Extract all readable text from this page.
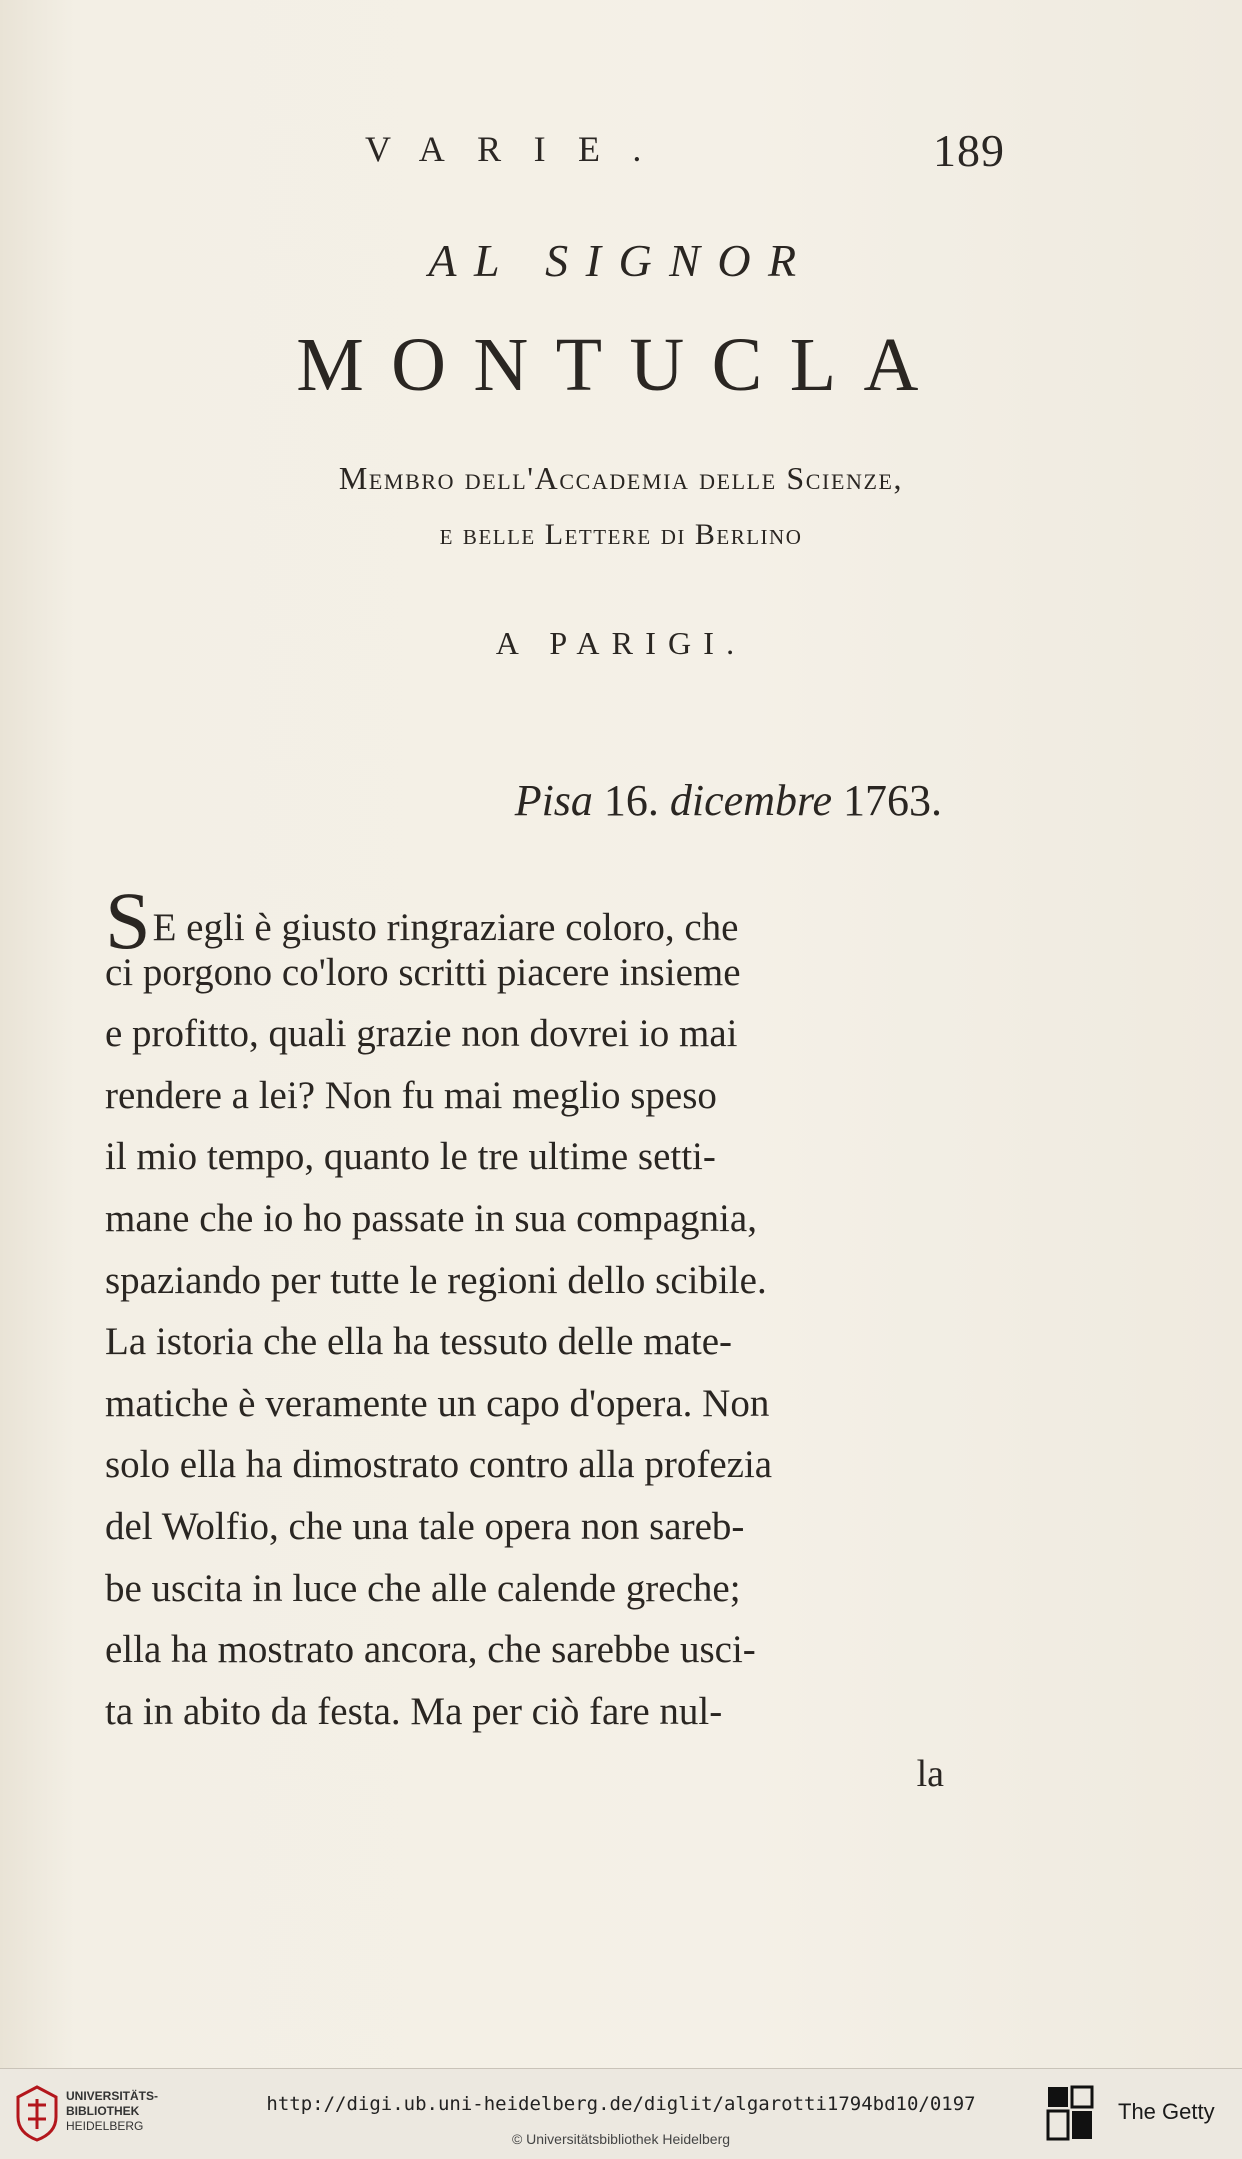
VARIE.	189
AL SIGNOR
MONTUCLA
Membro dell'Accademia delle Scienze,
e belle Lettere di Berlino
A PARIGI.
Pisa 16. dicembre 1763.
SE egli è giusto ringraziare coloro, che
ci porgono co'loro scritti piacere insieme
e profitto, quali grazie non dovrei io mai
rendere a lei? Non fu mai meglio speso
il mio tempo, quanto le tre ultime setti-
mane che io ho passate in sua compagnia,
spaziando per tutte le regioni dello scibile.
La istoria che ella ha tessuto delle mate-
matiche è veramente un capo d'opera. Non
solo ella ha dimostrato contro alla profezia
del Wolfio, che una tale opera non sareb-
be uscita in luce che alle calende greche;
ella ha mostrato ancora, che sarebbe usci-
ta in abito da festa. Ma per ciò fare nul-
la
UNIVERSITÄTS-
BIBLIOTHEK
HEIDELBERG
http://digi.ub.uni-heidelberg.de/diglit/algarotti1794bd10/0197
© Universitätsbibliothek Heidelberg
The Getty
